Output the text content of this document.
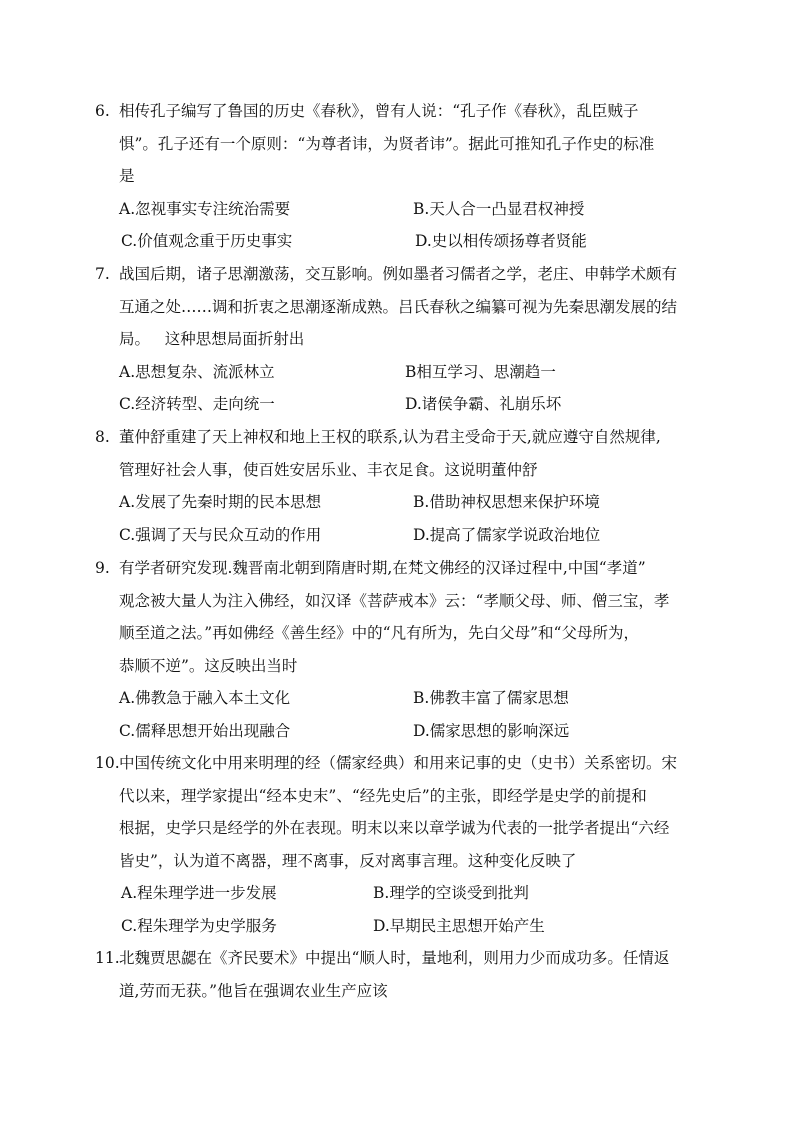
6. 相传孔子编写了鲁国的历史《春秋》，曾有人说：“孔子作《春秋》，乱臣贼子
惧”。孔子还有一个原则：“为尊者讳，为贤者讳”。据此可推知孔子作史的标准
是
A.忽视事实专注统治需要	B.天人合一凸显君权神授
C.价值观念重于历史事实	D.史以相传颂扬尊者贤能
7. 战国后期，诸子思潮激荡，交互影响。例如墨者习儒者之学，老庄、申韩学术颇有
互通之处……调和折衷之思潮逐渐成熟。吕氏春秋之编纂可视为先秦思潮发展的结
局。   这种思想局面折射出
A.思想复杂、流派林立	B相互学习、思潮趋一
C.经济转型、走向统一	D.诸侯争霸、礼崩乐坏
8. 董仲舒重建了天上神权和地上王权的联系,认为君主受命于天,就应遵守自然规律,
管理好社会人事，使百姓安居乐业、丰衣足食。这说明董仲舒
A.发展了先秦时期的民本思想	B.借助神权思想来保护环境
C.强调了天与民众互动的作用	D.提高了儒家学说政治地位
9. 有学者研究发现.魏晋南北朝到隋唐时期,在梵文佛经的汉译过程中,中国“孝道”
观念被大量人为注入佛经，如汉译《菩萨戒本》云：“孝顺父母、师、僧三宝，孝
顺至道之法。”再如佛经《善生经》中的“凡有所为，先白父母”和“父母所为，
恭顺不逆”。这反映出当时
A.佛教急于融入本土文化	B.佛教丰富了儒家思想
C.儒释思想开始出现融合	D.儒家思想的影响深远
10.中国传统文化中用来明理的经（儒家经典）和用来记事的史（史书）关系密切。宋
代以来，理学家提出“经本史末”、“经先史后”的主张，即经学是史学的前提和
根据，史学只是经学的外在表现。明末以来以章学诚为代表的一批学者提出“六经
皆史”，认为道不离器，理不离事，反对离事言理。这种变化反映了
A.程朱理学进一步发展	B.理学的空谈受到批判
C.程朱理学为史学服务	D.早期民主思想开始产生
11.北魏贾思勰在《齐民要术》中提出“顺人时，量地利，则用力少而成功多。任情返
道,劳而无获。”他旨在强调农业生产应该
